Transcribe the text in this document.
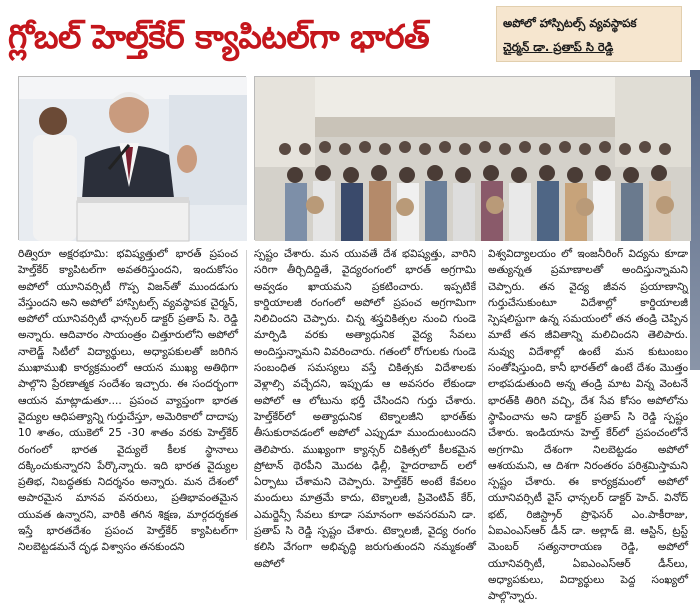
గ్లోబల్ హెల్త్‌కేర్ క్యాపిటల్‌గా భారత్	అపోలో హాస్పిటల్స్ వ్యవస్థాపక
చైర్మన్ డా. ప్రతాప్ సి రెడ్డి
రిత్విరూ అక్షరభూమి: భవిష్యత్తులో భారత్ ప్రపంచ హెల్త్‌కేర్ క్యాపిటల్‌గా అవతరిస్తుందని, ఇందుకోసం అపోలో యూనివర్సిటీ గొప్ప విజన్‌తో ముందడుగు వేస్తుందని అని అపోలో హాస్పిటల్స్ వ్యవస్థాపక చైర్మన్, అపోలో యూనివర్సిటీ ఛాన్సలర్ డాక్టర్ ప్రతాప్ సి. రెడ్డి అన్నారు. ఆదివారం సాయంత్రం చిత్తూరులోని అపోలో నాలెడ్జ్ సిటీలో విద్యార్థులు, అధ్యాపకులతో జరిగిన ముఖాముఖి కార్యక్రమంలో ఆయన ముఖ్య అతిథిగా పాల్గొని ప్రేరణాత్మక సందేశం ఇచ్చారు. ఈ సందర్భంగా ఆయన మాట్లాడుతూ.... ప్రపంచ వ్యాప్తంగా భారత వైద్యుల ఆధిపత్యాన్ని గుర్తుచేస్తూ, అమెరికాలో దాదాపు 10 శాతం, యుకెలో 25 -30 శాతం వరకు హెల్త్‌కేర్ రంగంలో భారత వైద్యులే కీలక స్థానాలు దక్కించుకున్నారని పేర్కొన్నారు. ఇది భారత వైద్యుల ప్రతిభ, నిబద్ధతకు నిదర్శనం అన్నారు. మన దేశంలో అపారమైన మానవ వనరులు, ప్రతిభావంతమైన యువత ఉన్నారని, వారికి తగిన శిక్షణ, మార్గదర్శకత ఇస్తే భారతదేశం ప్రపంచ హెల్త్‌కేర్ క్యాపిటల్‌గా నిలబెట్టడమనే దృఢ విశ్వాసం తనకుందని
స్పష్టం చేశారు. మన యువతే దేశ భవిష్యత్తు, వారిని సరిగా తీర్చిదిద్దితే, వైద్యరంగంలో భారత్ అగ్రగామి అవ్వడం ఖాయమని ప్రకటించారు. ఇప్పటికే కార్డియాలజీ రంగంలో అపోలో ప్రపంచ అగ్రగామిగా నిలిచిందని చెప్పారు. చిన్న శస్త్రచికిత్సల నుంచి గుండె మార్పిడి వరకు అత్యాధునిక వైద్య సేవలు అందిస్తున్నామని వివరించారు. గతంలో రోగులకు గుండె సంబంధిత సమస్యలు వస్తే చికిత్సకు విదేశాలకు వెళ్లాల్సి వచ్చేదని, ఇప్పుడు ఆ అవసరం లేకుండా అపోలో ఆ లోటును భర్తీ చేసిందని గుర్తు చేశారు. హెల్త్‌కేర్‌లో అత్యాధునిక టెక్నాలజీని భారత్‌కు తీసుకురావడంలో అపోలో ఎప్పుడూ ముందుంటుందని తెలిపారు. ముఖ్యంగా క్యాన్సర్ చికిత్సలో కీలకమైన ప్రోటాన్ థెరపీని మొదట ఢిల్లీ, హైదరాబాద్ లలో ఏర్పాటు చేశామని చెప్పారు. హెల్త్‌కేర్ అంటే కేవలం మందులు మాత్రమే కాదు, టెక్నాలజీ, ప్రివెంటివ్ కేర్, ఎమర్జెన్సీ సేవలు కూడా సమానంగా అవసరమని డా. ప్రతాప్ సి రెడ్డి స్పష్టం చేశారు. టెక్నాలజీ, వైద్య రంగం కలిసి వేగంగా అభివృద్ధి జరుగుతుందని నమ్మకంతో అపోలో
విశ్వవిద్యాలయం లో ఇంజనీరింగ్ విద్యను కూడా అత్యున్నత ప్రమాణాలతో అందిస్తున్నామని చెప్పారు. తన వైద్య జీవన ప్రయాణాన్ని గుర్తుచేసుకుంటూ విదేశాల్లో కార్డియాలజీ స్పెషలిస్టుగా ఉన్న సమయంలో తన తండ్రి చెప్పిన మాటే తన జీవితాన్ని మలిచిందని తెలిపారు. నువ్వు విదేశాల్లో ఉంటే మన కుటుంబం సంతోషిస్తుంది, కానీ భారత్‌లో ఉంటే దేశం మొత్తం లాభపడుతుంది అన్న తండ్రి మాట విన్న వెంటనే భారత్‌కి తిరిగి వచ్చి, దేశ సేవ కోసం అపోలోను స్థాపించాను అని డాక్టర్ ప్రతాప్ సి రెడ్డి స్పష్టం చేశారు. ఇండియాను హెల్త్ కేర్‌లో ప్రపంచంలోనే అగ్రగామి దేశంగా నిలబెట్టడం అపోలో ఆశయమని, ఆ దిశగా నిరంతరం పరిశ్రమిస్తామని స్పష్టం చేశారు. ఈ కార్యక్రమంలో అపోలో యూనివర్సిటీ వైస్ ఛాన్సలర్ డాక్టర్ హెచ్. వినోద్ భట్, రిజిస్ట్రార్ ప్రొఫెసర్ ఎం.పాకీరాజు, ఏఐఎంఎస్ఆర్ డీన్ డా. అల్లాడ్ జె. ఆస్టిన్, ట్రస్ట్ మెంబర్ సత్యనారాయణ రెడ్డి, అపోలో యూనివర్సిటీ, ఏఐఎంఎస్ఆర్ డీన్‌లు, అధ్యాపకులు, విద్యార్థులు పెద్ద సంఖ్యలో పాల్గొన్నారు.
